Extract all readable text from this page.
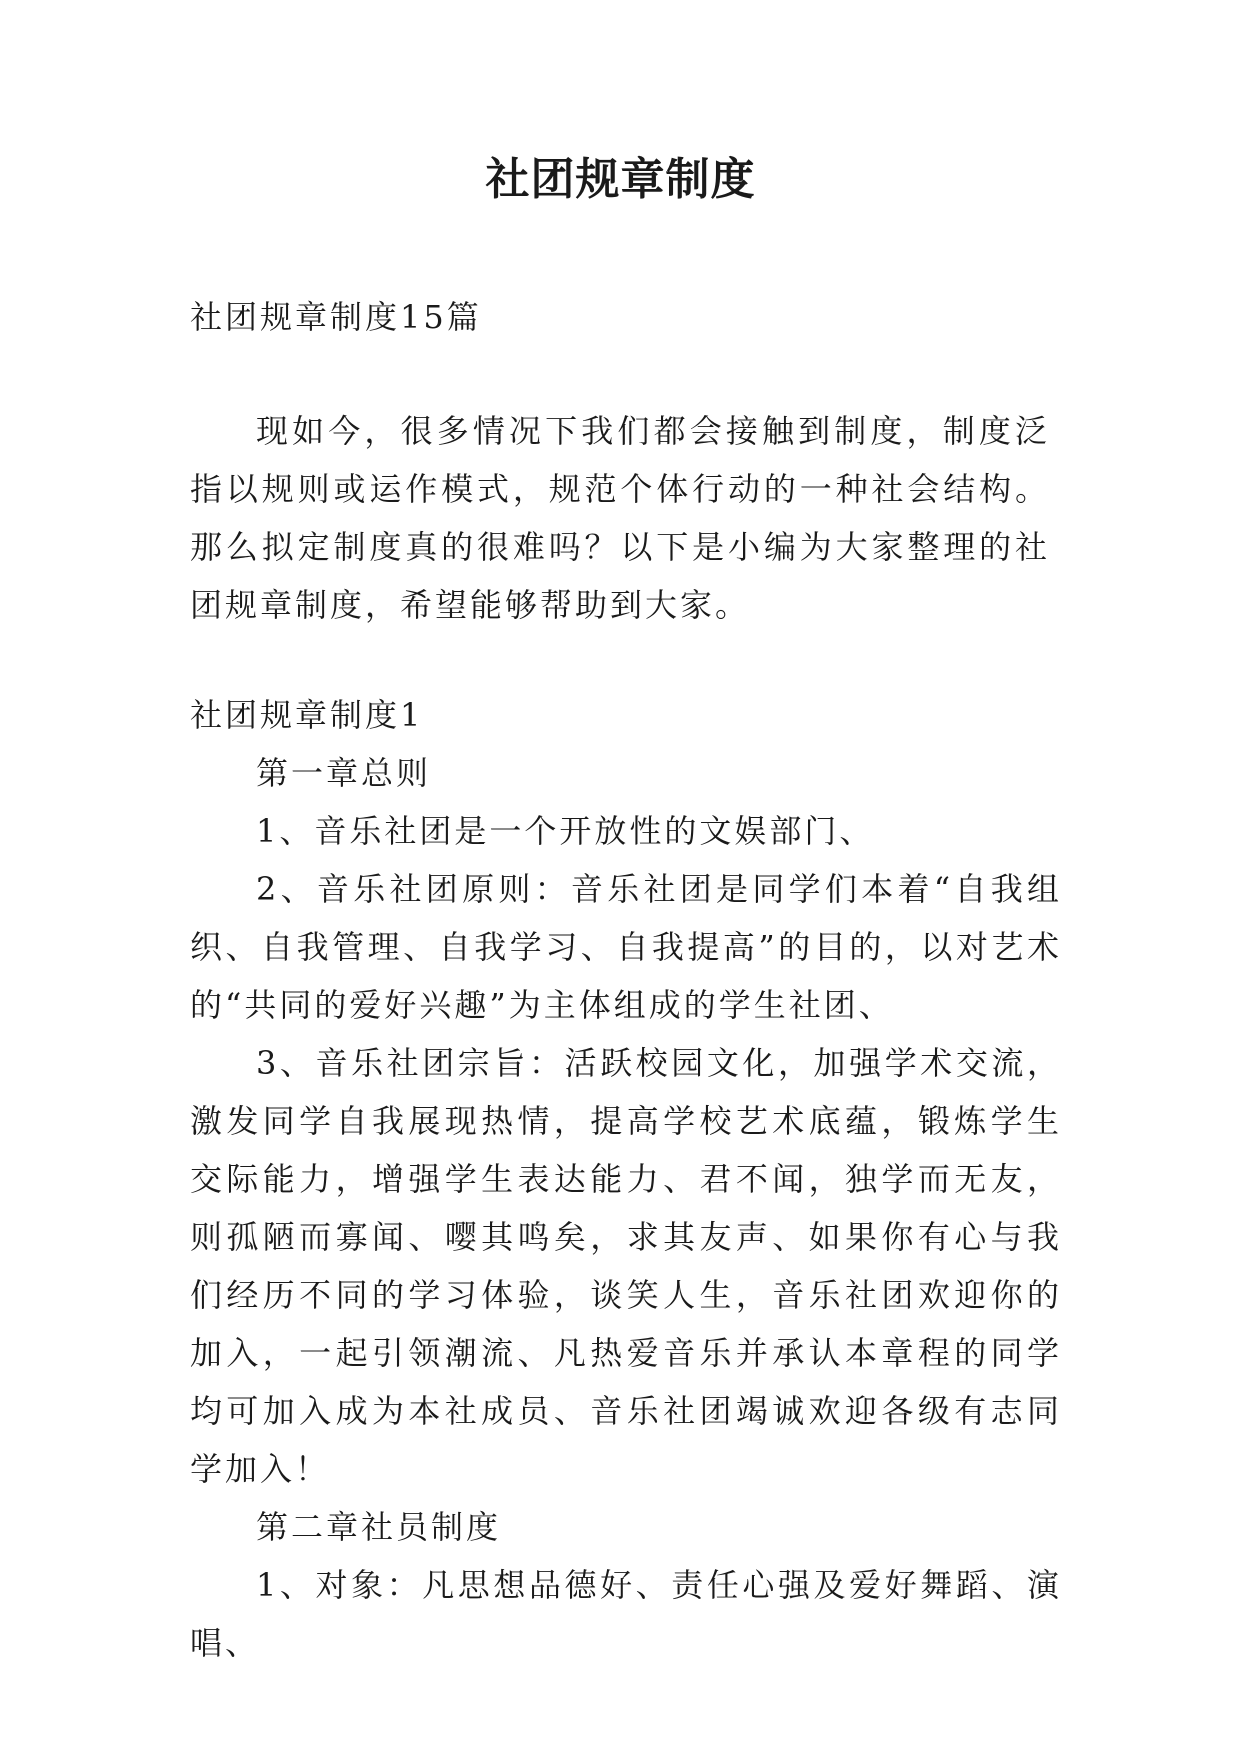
社团规章制度

社团规章制度15篇

现如今，很多情况下我们都会接触到制度，制度泛指以规则或运作模式，规范个体行动的一种社会结构。那么拟定制度真的很难吗？以下是小编为大家整理的社团规章制度，希望能够帮助到大家。

社团规章制度1

第一章总则

1、音乐社团是一个开放性的文娱部门、

2、音乐社团原则：音乐社团是同学们本着“自我组织、自我管理、自我学习、自我提高”的目的，以对艺术的“共同的爱好兴趣”为主体组成的学生社团、

3、音乐社团宗旨：活跃校园文化，加强学术交流，激发同学自我展现热情，提高学校艺术底蕴，锻炼学生交际能力，增强学生表达能力、君不闻，独学而无友，则孤陋而寡闻、嘤其鸣矣，求其友声、如果你有心与我们经历不同的学习体验，谈笑人生，音乐社团欢迎你的加入，一起引领潮流、凡热爱音乐并承认本章程的同学均可加入成为本社成员、音乐社团竭诚欢迎各级有志同学加入！

第二章社员制度

1、对象：凡思想品德好、责任心强及爱好舞蹈、演唱、
